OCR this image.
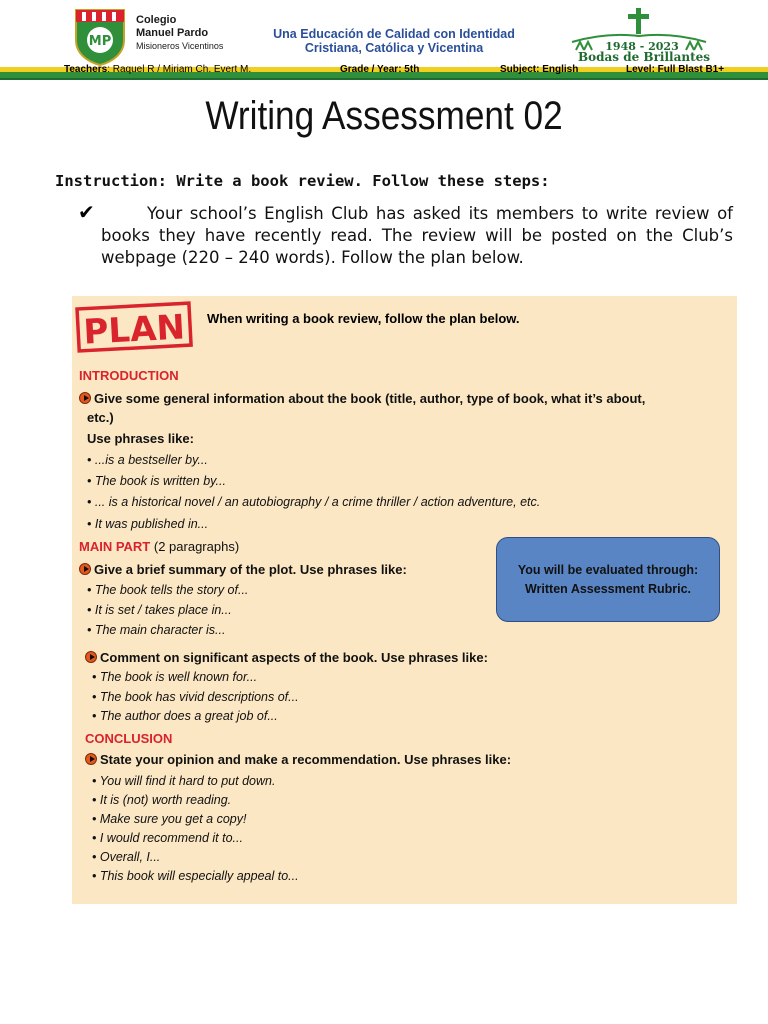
MP
Colegio
Manuel Pardo
Misioneros Vicentinos
Una Educación de Calidad con Identidad
Cristiana, Católica y Vicentina	1948 - 2023
Bodas de Brillantes
Teachers: Raquel R / Miriam Ch. Evert M.	Grade / Year: 5th	Subject: English	Level: Full Blast B1+
Writing Assessment 02
Instruction: Write a book review. Follow these steps:
✔	Your school’s English Club has asked its members to write review of books they have recently read. The review will be posted on the Club’s webpage (220 – 240 words). Follow the plan below.
PLAN When writing a book review, follow the plan below.
INTRODUCTION
Give some general information about the book (title, author, type of book, what it’s about,
etc.)
Use phrases like:
• ...is a bestseller by...
• The book is written by...
• ... is a historical novel / an autobiography / a crime thriller / action adventure, etc.
• It was published in...
MAIN PART (2 paragraphs)
Give a brief summary of the plot. Use phrases like:
• The book tells the story of...
• It is set / takes place in...
• The main character is...
Comment on significant aspects of the book. Use phrases like:
• The book is well known for...
• The book has vivid descriptions of...
• The author does a great job of...
CONCLUSION
State your opinion and make a recommendation. Use phrases like:
• You will find it hard to put down.
• It is (not) worth reading.
• Make sure you get a copy!
• I would recommend it to...
• Overall, I...
• This book will especially appeal to...
You will be evaluated through: Written Assessment Rubric.
